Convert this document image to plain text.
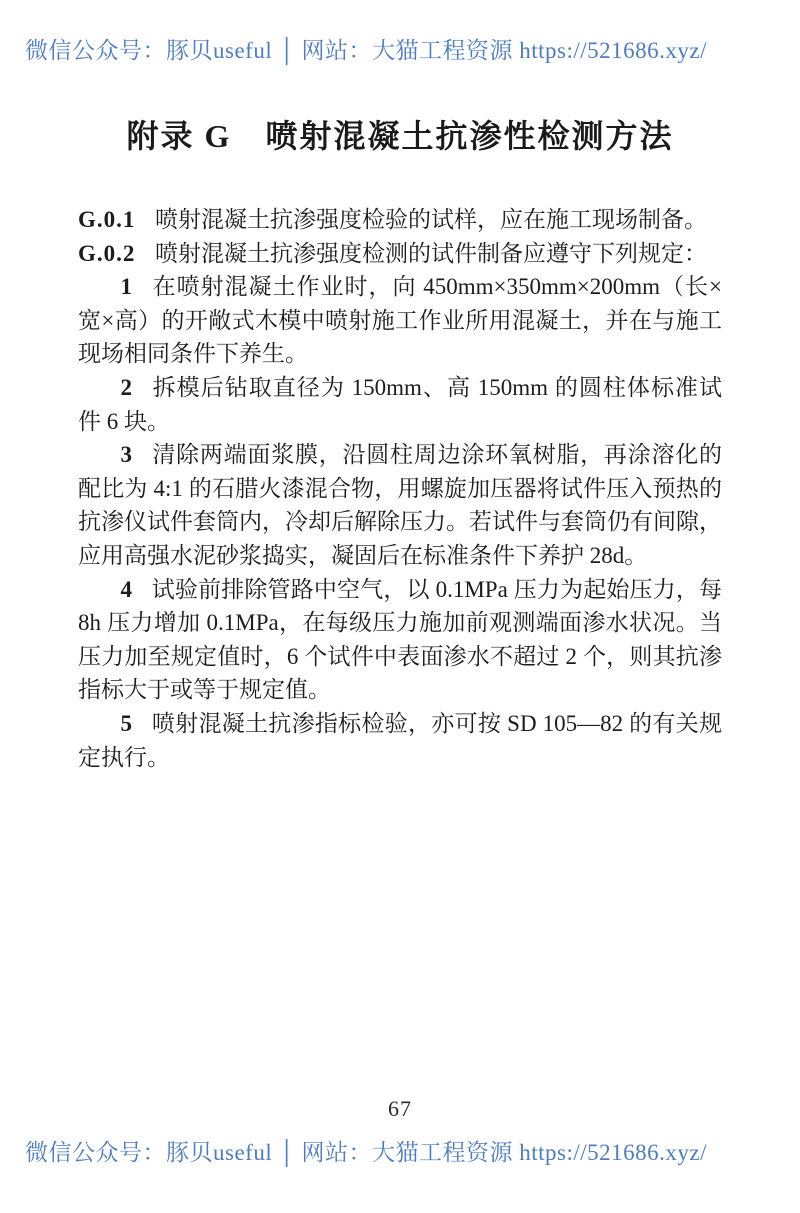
微信公众号：豚贝useful │ 网站：大猫工程资源 https://521686.xyz/
附录 G　喷射混凝土抗渗性检测方法

G.0.1 喷射混凝土抗渗强度检验的试样，应在施工现场制备。

G.0.2 喷射混凝土抗渗强度检测的试件制备应遵守下列规定：

1 在喷射混凝土作业时，向 450mm×350mm×200mm（长×宽×高）的开敞式木模中喷射施工作业所用混凝土，并在与施工现场相同条件下养生。

2 拆模后钻取直径为 150mm、高 150mm 的圆柱体标准试件 6 块。

3 清除两端面浆膜，沿圆柱周边涂环氧树脂，再涂溶化的配比为 4:1 的石腊火漆混合物，用螺旋加压器将试件压入预热的抗渗仪试件套筒内，冷却后解除压力。若试件与套筒仍有间隙，应用高强水泥砂浆捣实，凝固后在标准条件下养护 28d。

4 试验前排除管路中空气，以 0.1MPa 压力为起始压力，每 8h 压力增加 0.1MPa，在每级压力施加前观测端面渗水状况。当压力加至规定值时，6 个试件中表面渗水不超过 2 个，则其抗渗指标大于或等于规定值。

5 喷射混凝土抗渗指标检验，亦可按 SD 105—82 的有关规定执行。

67
微信公众号：豚贝useful │ 网站：大猫工程资源 https://521686.xyz/
